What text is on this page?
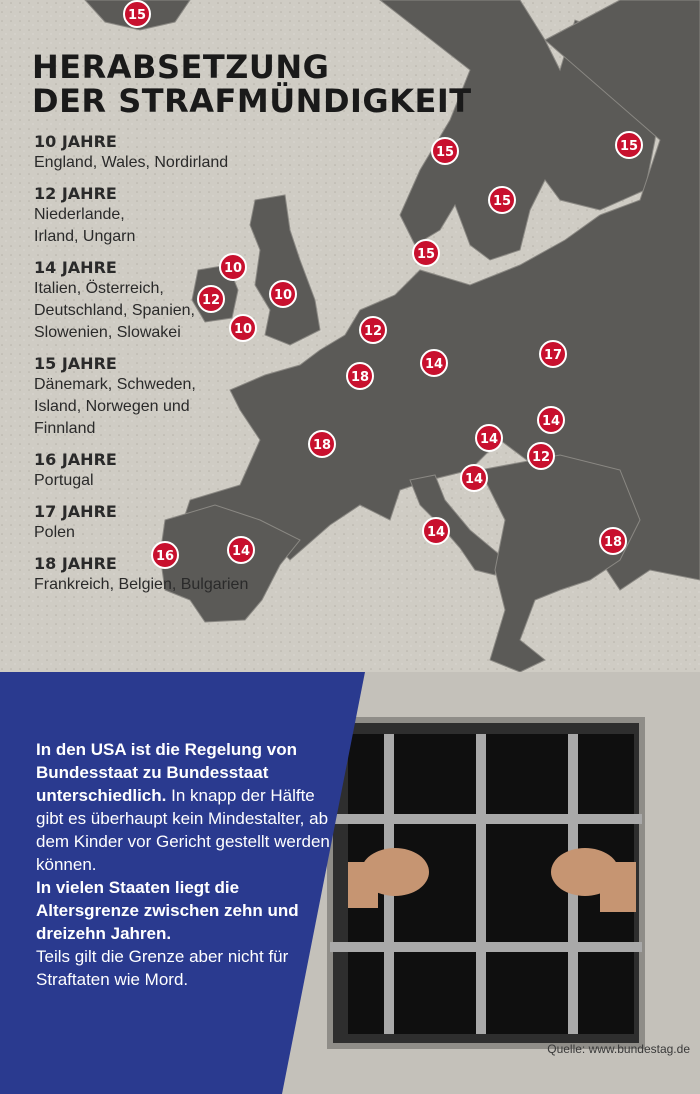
HERABSETZUNG
DER STRAFMÜNDIGKEIT
10 JAHRE
England, Wales, Nordirland
12 JAHRE
Niederlande,
Irland, Ungarn
14 JAHRE
Italien, Österreich,
Deutschland, Spanien,
Slowenien, Slowakei
15 JAHRE
Dänemark, Schweden,
Island, Norwegen und
Finnland
16 JAHRE
Portugal
17 JAHRE
Polen
18 JAHRE
Frankreich, Belgien, Bulgarien
15
15	15
15
15
10
12	10
10	12
18
14
17
14
18	14
12
14
14
16	14
18
In den USA ist die Regelung von Bundesstaat zu Bundesstaat unterschiedlich. In knapp der Hälfte gibt es überhaupt kein Mindestalter, ab dem Kinder vor Gericht gestellt werden können.
In vielen Staaten liegt die Altersgrenze zwischen zehn und dreizehn Jahren.
Teils gilt die Grenze aber nicht für Straftaten wie Mord.
Quelle: www.bundestag.de
